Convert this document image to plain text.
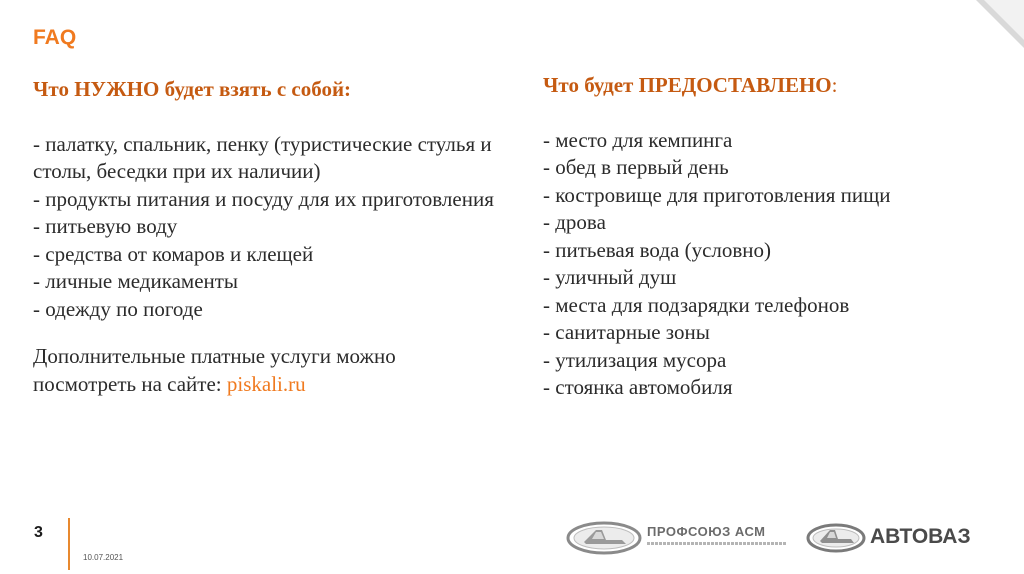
FAQ
Что НУЖНО будет взять с собой:
- палатку, спальник, пенку (туристические стулья и столы, беседки при их наличии)
- продукты питания и посуду для их приготовления
- питьевую воду
- средства от комаров и клещей
- личные медикаменты
- одежду по погоде
Дополнительные платные услуги можно посмотреть на сайте: piskali.ru
Что будет ПРЕДОСТАВЛЕНО:
- место для кемпинга
- обед в первый день
- костровище для приготовления пищи
- дрова
- питьевая вода (условно)
- уличный душ
- места для подзарядки телефонов
- санитарные зоны
- утилизация мусора
- стоянка автомобиля
3
10.07.2021
ПРОФСОЮЗ АСМ	АВТОВАЗ
